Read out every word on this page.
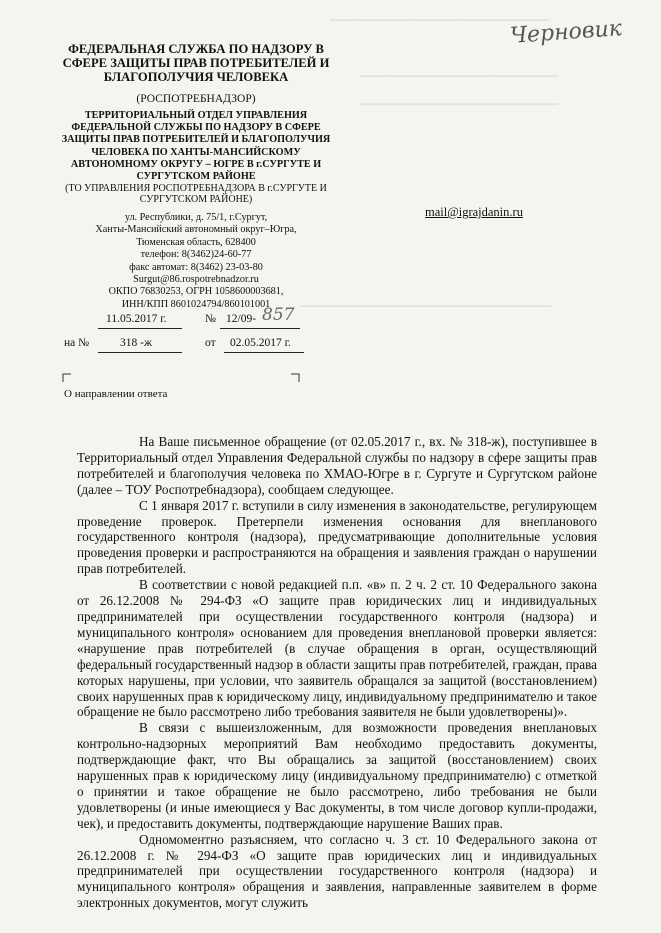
━━━━━━━━━━━━━━━━━━━━━━━━━━━━━━━━━
━━━━━━━━━━━━━━━━━━━━━━━━━━━━━━
━━━━━━━━━━━━━━━━━━━━━━━━━━━━━━
━━━━━━━━━━━━━━━━━━━━━━━━━━━━━━━━━━━━━━
Черновик
ФЕДЕРАЛЬНАЯ СЛУЖБА ПО НАДЗОРУ В СФЕРЕ ЗАЩИТЫ ПРАВ ПОТРЕБИТЕЛЕЙ И БЛАГОПОЛУЧИЯ ЧЕЛОВЕКА
(РОСПОТРЕБНАДЗОР)
ТЕРРИТОРИАЛЬНЫЙ ОТДЕЛ УПРАВЛЕНИЯ ФЕДЕРАЛЬНОЙ СЛУЖБЫ ПО НАДЗОРУ В СФЕРЕ ЗАЩИТЫ ПРАВ ПОТРЕБИТЕЛЕЙ И БЛАГОПОЛУЧИЯ ЧЕЛОВЕКА ПО ХАНТЫ-МАНСИЙСКОМУ АВТОНОМНОМУ ОКРУГУ – ЮГРЕ В г.СУРГУТЕ И СУРГУТСКОМ РАЙОНЕ
(ТО УПРАВЛЕНИЯ РОСПОТРЕБНАДЗОРА В г.СУРГУТЕ И СУРГУТСКОМ РАЙОНЕ)
ул. Республики, д. 75/1, г.Сургут,
Ханты-Мансийский автономный округ–Югра,
Тюменская область, 628400
телефон: 8(3462)24-60-77
факс автомат: 8(3462) 23-03-80
Surgut@86.rospotrebnadzor.ru
ОКПО 76830253, ОГРН 1058600003681,
ИНН/КПП 8601024794/860101001
mail@igrajdanin.ru
11.05.2017 г.	№ 12/09- 857
на №	318 -ж	от 02.05.2017 г.
О направлении ответа

На Ваше письменное обращение (от 02.05.2017 г., вх. № 318-ж), поступившее в Территориальный отдел Управления Федеральной службы по надзору в сфере защиты прав потребителей и благополучия человека по ХМАО-Югре в г. Сургуте и Сургутском районе (далее – ТОУ Роспотребнадзора), сообщаем следующее.

С 1 января 2017 г. вступили в силу изменения в законодательстве, регулирующем проведение проверок. Претерпели изменения основания для внепланового государственного контроля (надзора), предусматривающие дополнительные условия проведения проверки и распространяются на обращения и заявления граждан о нарушении прав потребителей.

В соответствии с новой редакцией п.п. «в» п. 2 ч. 2 ст. 10 Федерального закона от 26.12.2008 № 294-ФЗ «О защите прав юридических лиц и индивидуальных предпринимателей при осуществлении государственного контроля (надзора) и муниципального контроля» основанием для проведения внеплановой проверки является: «нарушение прав потребителей (в случае обращения в орган, осуществляющий федеральный государственный надзор в области защиты прав потребителей, граждан, права которых нарушены, при условии, что заявитель обращался за защитой (восстановлением) своих нарушенных прав к юридическому лицу, индивидуальному предпринимателю и такое обращение не было рассмотрено либо требования заявителя не были удовлетворены)».

В связи с вышеизложенным, для возможности проведения внеплановых контрольно-надзорных мероприятий Вам необходимо предоставить документы, подтверждающие факт, что Вы обращались за защитой (восстановлением) своих нарушенных прав к юридическому лицу (индивидуальному предпринимателю) с отметкой о принятии и такое обращение не было рассмотрено, либо требования не были удовлетворены (и иные имеющиеся у Вас документы, в том числе договор купли-продажи, чек), и предоставить документы, подтверждающие нарушение Ваших прав.

Одномоментно разъясняем, что согласно ч. 3 ст. 10 Федерального закона от 26.12.2008 г. № 294-ФЗ «О защите прав юридических лиц и индивидуальных предпринимателей при осуществлении государственного контроля (надзора) и муниципального контроля» обращения и заявления, направленные заявителем в форме электронных документов, могут служить
